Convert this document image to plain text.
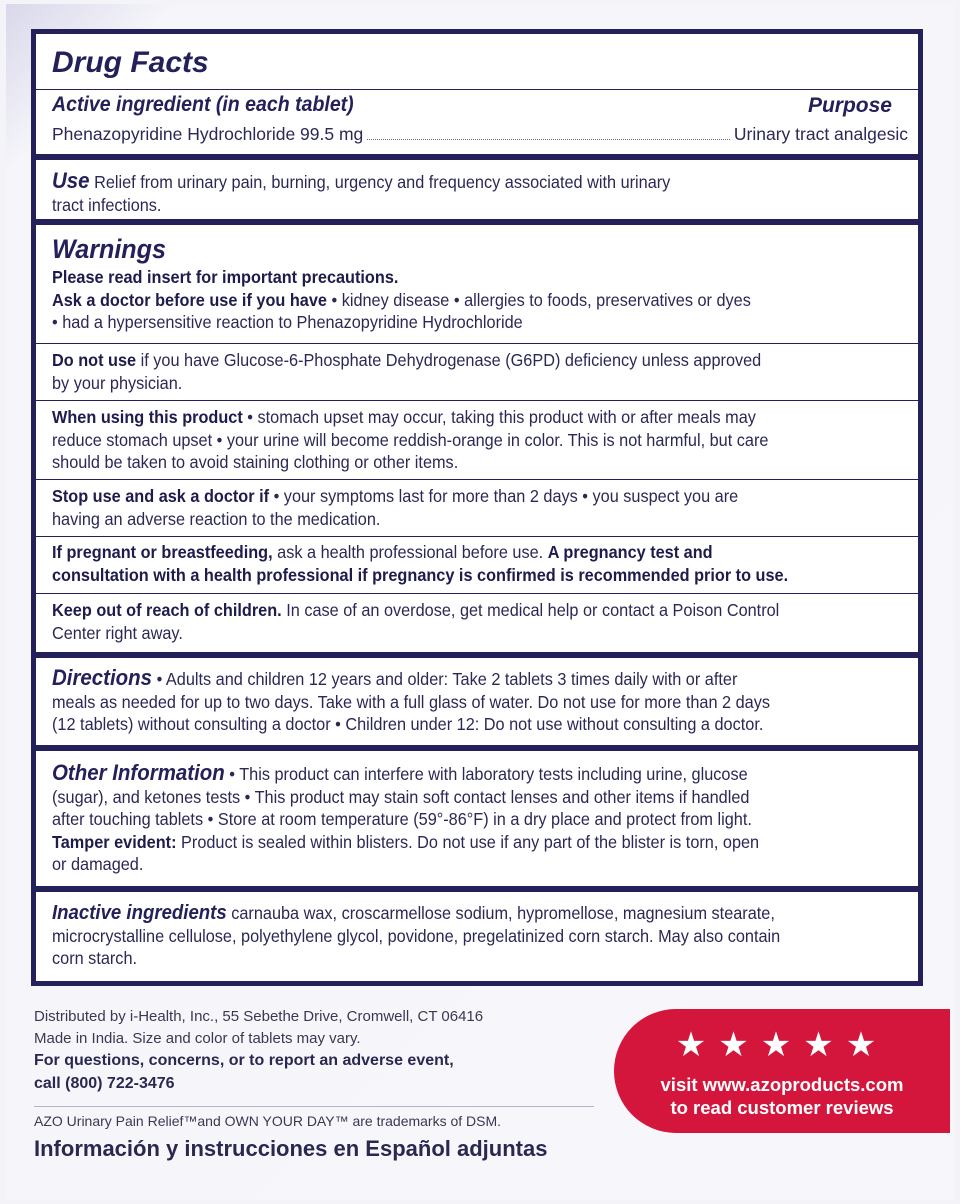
Drug Facts
Active ingredient (in each tablet)	Purpose
Phenazopyridine Hydrochloride 99.5 mg	Urinary tract analgesic
Use Relief from urinary pain, burning, urgency and frequency associated with urinary
tract infections.
Warnings
Please read insert for important precautions.
Ask a doctor before use if you have • kidney disease • allergies to foods, preservatives or dyes
• had a hypersensitive reaction to Phenazopyridine Hydrochloride
Do not use if you have Glucose-6-Phosphate Dehydrogenase (G6PD) deficiency unless approved
by your physician.
When using this product • stomach upset may occur, taking this product with or after meals may
reduce stomach upset • your urine will become reddish-orange in color. This is not harmful, but care
should be taken to avoid staining clothing or other items.
Stop use and ask a doctor if • your symptoms last for more than 2 days • you suspect you are
having an adverse reaction to the medication.
If pregnant or breastfeeding, ask a health professional before use. A pregnancy test and
consultation with a health professional if pregnancy is confirmed is recommended prior to use.
Keep out of reach of children. In case of an overdose, get medical help or contact a Poison Control
Center right away.
Directions • Adults and children 12 years and older: Take 2 tablets 3 times daily with or after
meals as needed for up to two days. Take with a full glass of water. Do not use for more than 2 days
(12 tablets) without consulting a doctor • Children under 12: Do not use without consulting a doctor.
Other Information • This product can interfere with laboratory tests including urine, glucose
(sugar), and ketones tests • This product may stain soft contact lenses and other items if handled
after touching tablets • Store at room temperature (59°-86°F) in a dry place and protect from light.
Tamper evident: Product is sealed within blisters. Do not use if any part of the blister is torn, open
or damaged.
Inactive ingredients carnauba wax, croscarmellose sodium, hypromellose, magnesium stearate,
microcrystalline cellulose, polyethylene glycol, povidone, pregelatinized corn starch. May also contain
corn starch.
Distributed by i-Health, Inc., 55 Sebethe Drive, Cromwell, CT 06416
Made in India. Size and color of tablets may vary.
For questions, concerns, or to report an adverse event,
call (800) 722-3476
AZO Urinary Pain Relief™and OWN YOUR DAY™ are trademarks of DSM.
Información y instrucciones en Español adjuntas
★★★★★
visit www.azoproducts.com
to read customer reviews
